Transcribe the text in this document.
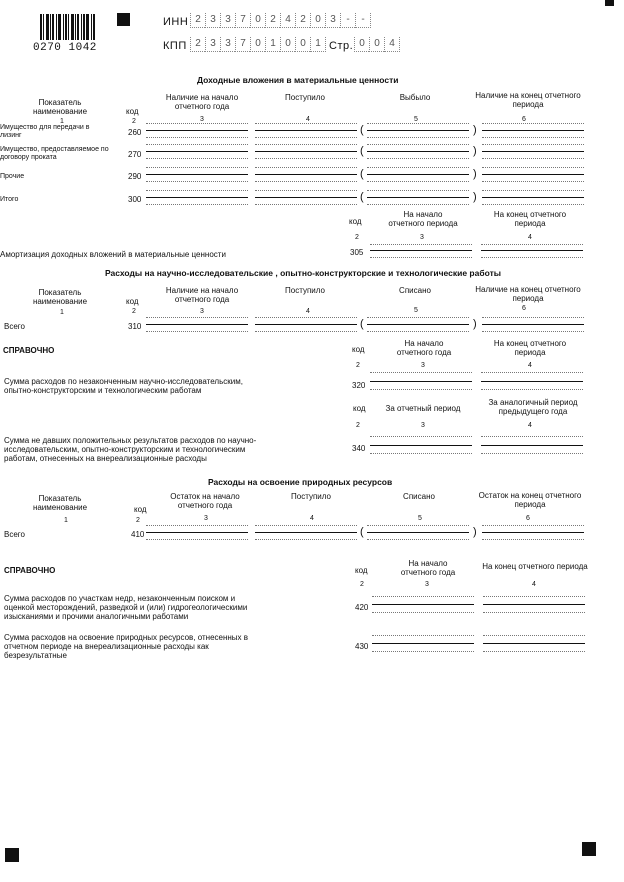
0270 1042
ИНН 2 3 3 7 0 2 4 2 0 3	-	-
КПП 2 3 3 7 0 1 0 0 1 Стр. 0 0 4
Доходные вложения в материальные ценности
Показатель наименование	код
Наличие на начало отчетного года
Поступило	Выбыло	Наличие на конец отчетного периода
1	2	3	4	5	6
Имущество для передачи в лизинг	260
Имущество, предоставляемое по договору проката	270
Прочие	290
Итого	300
(	)
(	)
(	)
(	)
код
На начало отчетного периода
На конец отчетного периода
2	3	4
Амортизация доходных вложений в материальные ценности	305
Расходы на научно-исследовательские , опытно-конструкторские и технологические работы
Показатель наименование	код
Наличие на начало отчетного года
Поступило	Списано	Наличие на конец отчетного периода
1	2	3	4	5	6
Всего	310	(	)
СПРАВОЧНО	код
На начало отчетного года
На конец отчетного периода
2	3	4
Сумма расходов по незаконченным научно-исследовательским, опытно-конструкторским и технологическим работам
320
код	За отчетный период
За аналогичный период предыдущего года
2	3	4
Сумма не давших положительных результатов расходов по научно-исследовательским, опытно-конструкторским и технологическим работам, отнесенных на внереализационные расходы
340
Расходы на освоение природных ресурсов
Показатель наименование	код
Остаток на начало отчетного года
Поступило	Списано	Остаток на конец отчетного периода
1	2	3	4	5	6
Всего	410	(	)
СПРАВОЧНО	код
На начало отчетного года
На конец отчетного периода
2	3	4
Сумма расходов по участкам недр, незаконченным поиском и оценкой месторождений, разведкой и (или) гидрогеологическими изысканиями и прочими аналогичными работами
420
Сумма расходов на освоение природных ресурсов, отнесенных в отчетном периоде на внереализационные расходы как безрезультатные
430
